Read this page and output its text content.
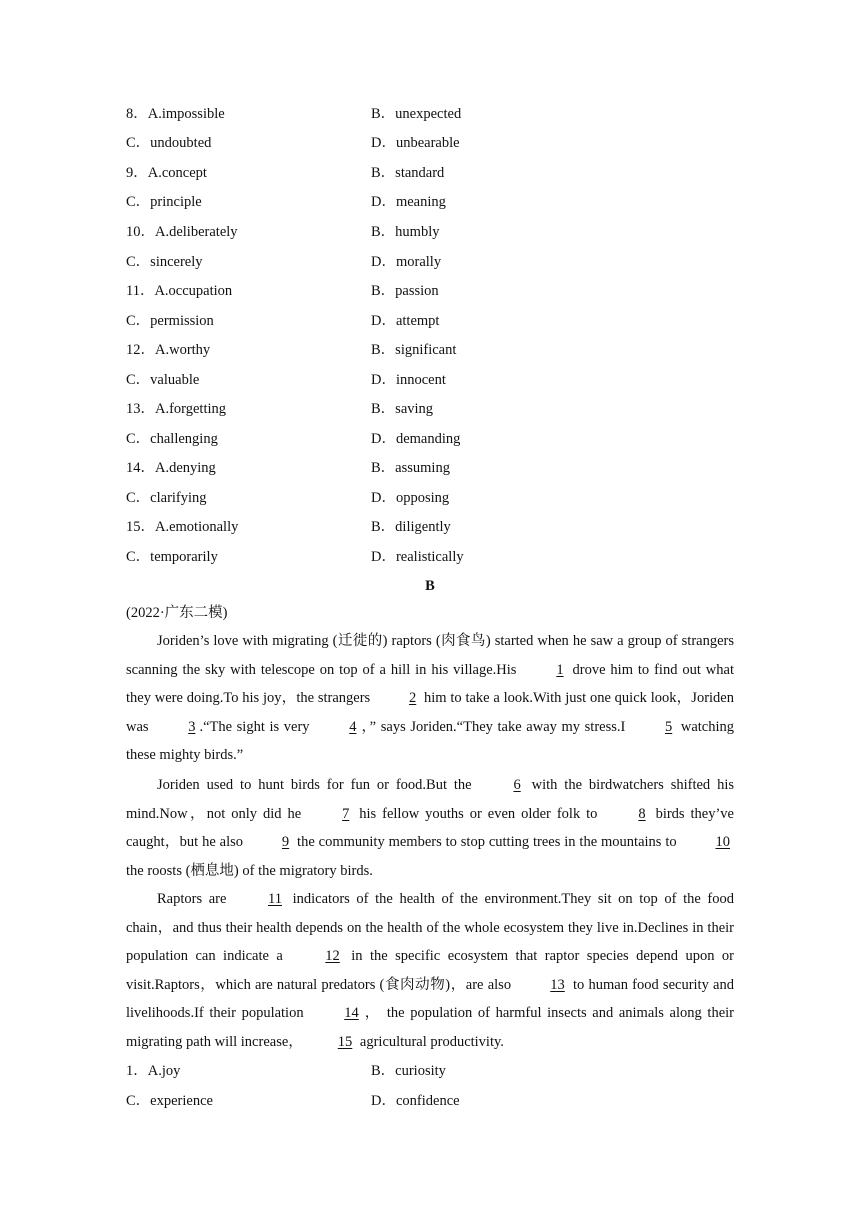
8．A.impossible	B．unexpected
C．undoubted	D．unbearable
9．A.concept	B．standard
C．principle	D．meaning
10．A.deliberately	B．humbly
C．sincerely	D．morally
11．A.occupation	B．passion
C．permission	D．attempt
12．A.worthy	B．significant
C．valuable	D．innocent
13．A.forgetting	B．saving
C．challenging	D．demanding
14．A.denying	B．assuming
C．clarifying	D．opposing
15．A.emotionally	B．diligently
C．temporarily	D．realistically
B
(2022·广东二模)

Joriden’s love with migrating (迁徙的) raptors (肉食鸟) started when he saw a group of strangers scanning the sky with telescope on top of a hill in his village.His 1 drove him to find out what they were doing.To his joy，the strangers 2 him to take a look.With just one quick look，Joriden was 3 .“The sight is very 4 ，” says Joriden.“They take away my stress.I 5 watching these mighty birds.”

Joriden used to hunt birds for fun or food.But the 6 with the birdwatchers shifted his mind.Now，not only did he 7 his fellow youths or even older folk to 8 birds they’ve caught，but he also 9 the community members to stop cutting trees in the mountains to 10 the roosts (栖息地) of the migratory birds.

Raptors are 11 indicators of the health of the environment.They sit on top of the food chain，and thus their health depends on the health of the whole ecosystem they live in.Declines in their population can indicate a 12 in the specific ecosystem that raptor species depend upon or visit.Raptors，which are natural predators (食肉动物)，are also 13 to human food security and livelihoods.If their population 14 ， the population of harmful insects and animals along their migrating path will increase， 15 agricultural productivity.

1．A.joy	B．curiosity
C．experience	D．confidence
